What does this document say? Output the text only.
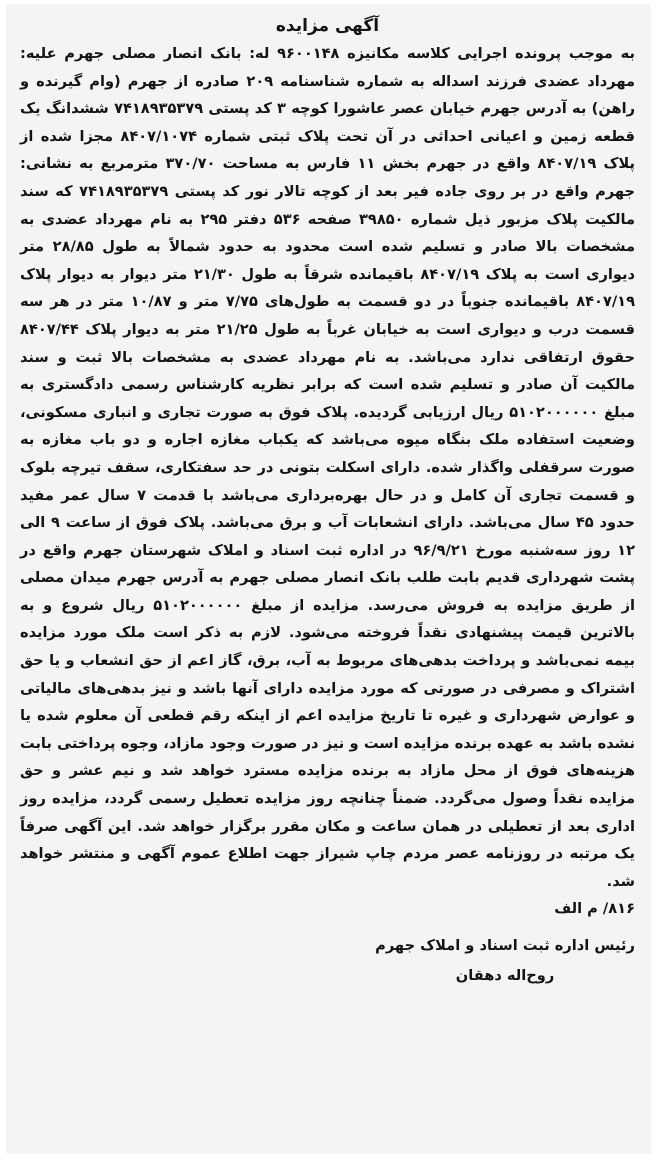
آگهی مزایده

به موجب پرونده اجرایی کلاسه مکانیزه ۹۶۰۰۱۴۸ له: بانک انصار مصلی جهرم علیه: مهرداد عضدی فرزند اسداله به شماره شناسنامه ۲۰۹ صادره از جهرم (وام گیرنده و راهن) به آدرس جهرم خیابان عصر عاشورا کوچه ۳ کد پستی ۷۴۱۸۹۳۵۳۷۹ ششدانگ یک قطعه زمین و اعیانی احداثی در آن تحت پلاک ثبتی شماره ۸۴۰۷/۱۰۷۴ مجزا شده از پلاک ۸۴۰۷/۱۹ واقع در جهرم بخش ۱۱ فارس به مساحت ۳۷۰/۷۰ مترمربع به نشانی: جهرم واقع در بر روی جاده فیر بعد از کوچه تالار نور کد پستی ۷۴۱۸۹۳۵۳۷۹ که سند مالکیت پلاک مزبور ذیل شماره ۳۹۸۵۰ صفحه ۵۳۶ دفتر ۲۹۵ به نام مهرداد عضدی به مشخصات بالا صادر و تسلیم شده است محدود به حدود شمالاً به طول ۲۸/۸۵ متر دیواری است به پلاک ۸۴۰۷/۱۹ باقیمانده شرقاً به طول ۲۱/۳۰ متر دیوار به دیوار پلاک ۸۴۰۷/۱۹ باقیمانده جنوباً در دو قسمت به طول‌های ۷/۷۵ متر و ۱۰/۸۷ متر در هر سه قسمت درب و دیواری است به خیابان غرباً به طول ۲۱/۲۵ متر به دیوار پلاک ۸۴۰۷/۴۴ حقوق ارتفاقی ندارد می‌باشد. به نام مهرداد عضدی به مشخصات بالا ثبت و سند مالکیت آن صادر و تسلیم شده است که برابر نظریه کارشناس رسمی دادگستری به مبلغ ۵۱۰۲۰۰۰۰۰۰ ریال ارزیابی گردیده. پلاک فوق به صورت تجاری و انباری مسکونی، وضعیت استفاده ملک بنگاه میوه می‌باشد که یکباب مغازه اجاره و دو باب مغازه به صورت سرقفلی واگذار شده. دارای اسکلت بتونی در حد سفتکاری، سقف تیرچه بلوک و قسمت تجاری آن کامل و در حال بهره‌برداری می‌باشد با قدمت ۷ سال عمر مفید حدود ۴۵ سال می‌باشد. دارای انشعابات آب و برق می‌باشد. پلاک فوق از ساعت ۹ الی ۱۲ روز سه‌شنبه مورخ ۹۶/۹/۲۱ در اداره ثبت اسناد و املاک شهرستان جهرم واقع در پشت شهرداری قدیم بابت طلب بانک انصار مصلی جهرم به آدرس جهرم میدان مصلی از طریق مزایده به فروش می‌رسد. مزایده از مبلغ ۵۱۰۲۰۰۰۰۰۰ ریال شروع و به بالاترین قیمت پیشنهادی نقداً فروخته می‌شود. لازم به ذکر است ملک مورد مزایده بیمه نمی‌باشد و پرداخت بدهی‌های مربوط به آب، برق، گاز اعم از حق انشعاب و یا حق اشتراک و مصرفی در صورتی که مورد مزایده دارای آنها باشد و نیز بدهی‌های مالیاتی و عوارض شهرداری و غیره تا تاریخ مزایده اعم از اینکه رقم قطعی آن معلوم شده یا نشده باشد به عهده برنده مزایده است و نیز در صورت وجود مازاد، وجوه پرداختی بابت هزینه‌های فوق از محل مازاد به برنده مزایده مسترد خواهد شد و نیم عشر و حق مزایده نقداً وصول می‌گردد. ضمناً چنانچه روز مزایده تعطیل رسمی گردد، مزایده روز اداری بعد از تعطیلی در همان ساعت و مکان مقرر برگزار خواهد شد. این آگهی صرفاً یک مرتبه در روزنامه عصر مردم چاپ شیراز جهت اطلاع عموم آگهی و منتشر خواهد شد.

۸۱۶/ م الف
رئیس اداره ثبت اسناد و املاک جهرم
روح‌اله دهقان
